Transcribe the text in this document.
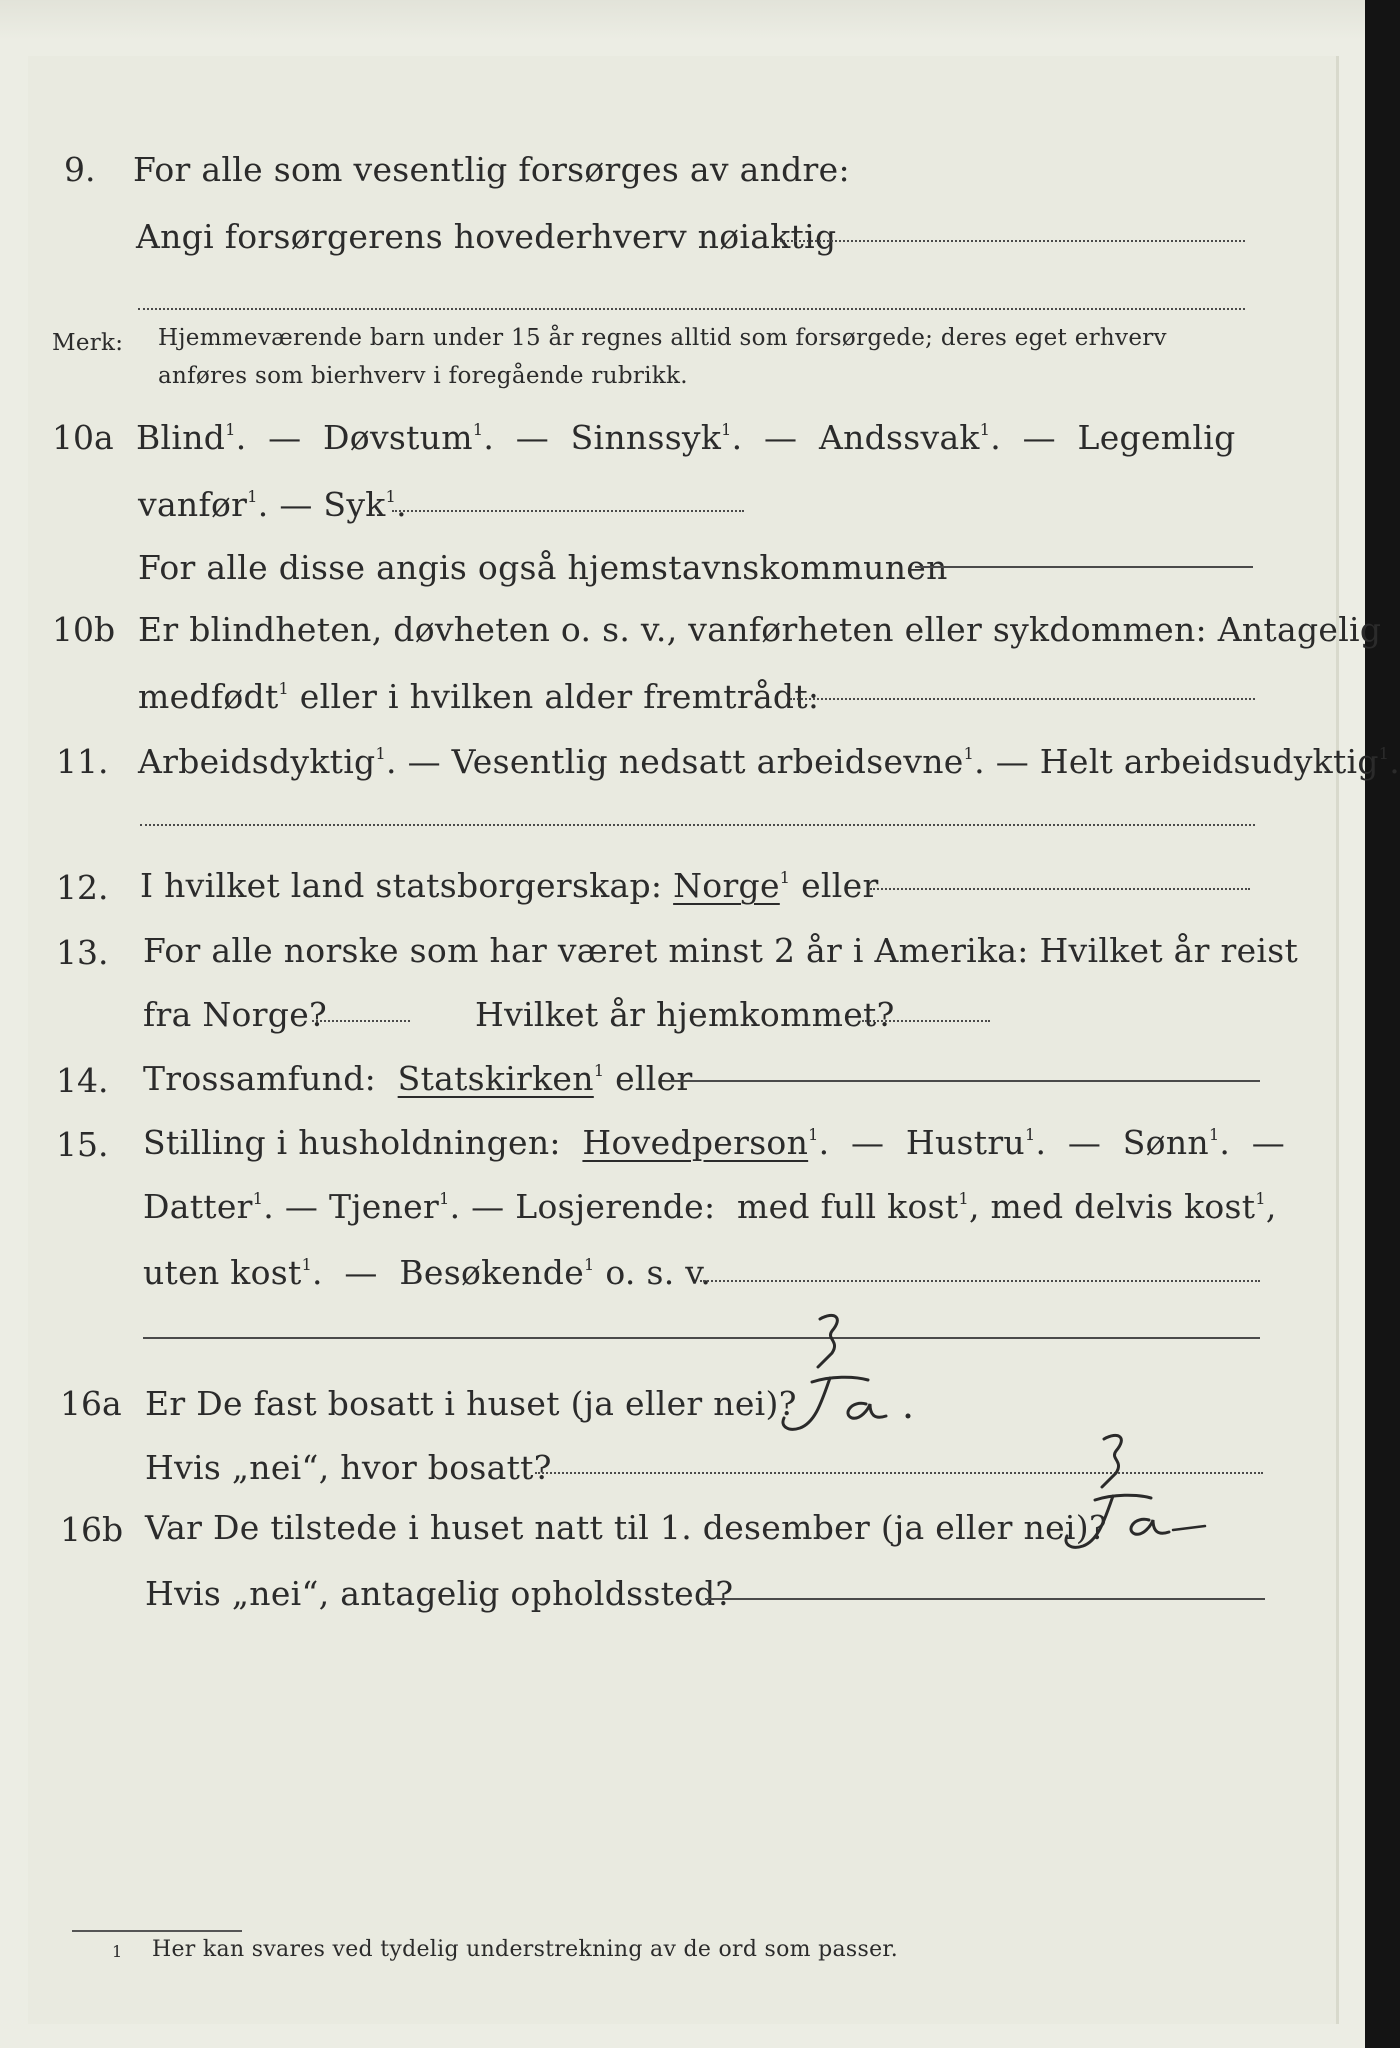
9. For alle som vesentlig forsørges av andre:
Angi forsørgerens hovederhverv nøiaktig
Merk: Hjemmeværende barn under 15 år regnes alltid som forsørgede; deres eget erhverv
anføres som bierhverv i foregående rubrikk.
10a Blind$^1$.  — Døvstum$^1$.  — Sinnssyk$^1$.  — Andssvak$^1$.  — Legemlig
vanfør$^1$. — Syk$^1$.
For alle disse angis også hjemstavnskommunen
10b Er blindheten, døvheten o. s. v., vanførheten eller sykdommen: Antagelig
medfødt$^1$ eller i hvilken alder fremtrådt:
11. Arbeidsdyktig$^1$. — Vesentlig nedsatt arbeidsevne$^1$. — Helt arbeidsudyktig$^1$.
12. I hvilket land statsborgerskap: Norge$^1$ eller
13. For alle norske som har været minst 2 år i Amerika: Hvilket år reist
fra Norge?	Hvilket år hjemkommet?
14. Trossamfund: Statskirken$^1$ eller
15. Stilling i husholdningen: Hovedperson$^1$.  — Hustru$^1$.  — Sønn$^1$.  —
Datter$^1$. — Tjener$^1$. — Losjerende: med full kost$^1$, med delvis kost$^1$,
uten kost$^1$.  — Besøkende$^1$ o. s. v.
16a Er De fast bosatt i huset (ja eller nei)?
Hvis „nei“, hvor bosatt?
16b Var De tilstede i huset natt til 1. desember (ja eller nei)?
Hvis „nei“, antagelig opholdssted?
1 Her kan svares ved tydelig understrekning av de ord som passer.
